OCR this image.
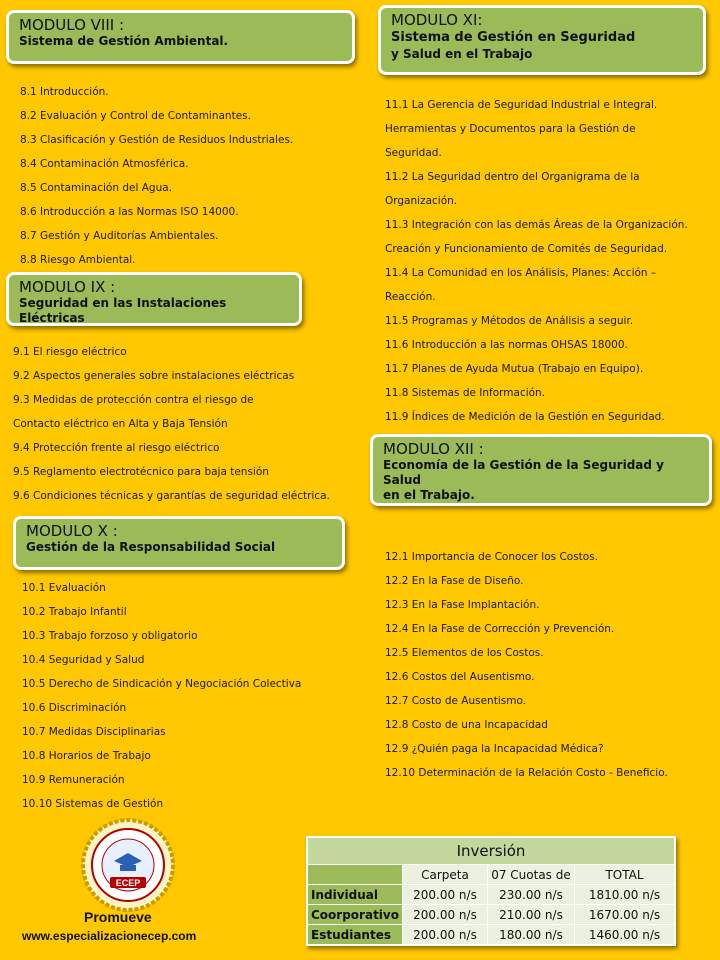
MODULO VIII :
Sistema de Gestión Ambiental.
8.1 Introducción.
8.2 Evaluación y Control de Contaminantes.
8.3 Clasificación y Gestión de Residuos Industriales.
8.4 Contaminación Atmosférica.
8.5 Contaminación del Agua.
8.6 Introducción a las Normas ISO 14000.
8.7 Gestión y Auditorías Ambientales.
8.8 Riesgo Ambiental.
MODULO IX :
Seguridad en las Instalaciones Eléctricas
9.1 El riesgo eléctrico
9.2 Aspectos generales sobre instalaciones eléctricas
9.3 Medidas de protección contra el riesgo de
Contacto eléctrico en Alta y Baja Tensión
9.4 Protección frente al riesgo eléctrico
9.5 Reglamento electrotécnico para baja tensión
9.6 Condiciones técnicas y garantías de seguridad eléctrica.
MODULO X :
Gestión de la Responsabilidad Social
10.1 Evaluación
10.2 Trabajo Infantil
10.3 Trabajo forzoso y obligatorio
10.4 Seguridad y Salud
10.5 Derecho de Sindicación y Negociación Colectiva
10.6 Discriminación
10.7 Medidas Disciplinarias
10.8 Horarios de Trabajo
10.9 Remuneración
10.10 Sistemas de Gestión
MODULO XI:
Sistema de Gestión en Seguridad
y Salud en el Trabajo
11.1 La Gerencia de Seguridad Industrial e Integral.
Herramientas y Documentos para la Gestión de
Seguridad.
11.2 La Seguridad dentro del Organigrama de la
Organización.
11.3 Integración con las demás Áreas de la Organización.
Creación y Funcionamiento de Comités de Seguridad.
11.4 La Comunidad en los Análisis, Planes: Acción –
Reacción.
11.5 Programas y Métodos de Análisis a seguir.
11.6 Introducción a las normas OHSAS 18000.
11.7 Planes de Ayuda Mutua (Trabajo en Equipo).
11.8 Sistemas de Información.
11.9 Índices de Medición de la Gestión en Seguridad.
MODULO XII :
Economía de la Gestión de la Seguridad y Salud
en el Trabajo.
12.1 Importancia de Conocer los Costos.
12.2 En la Fase de Diseño.
12.3 En la Fase Implantación.
12.4 En la Fase de Corrección y Prevención.
12.5 Elementos de los Costos.
12.6 Costos del Ausentismo.
12.7 Costo de Ausentismo.
12.8 Costo de una Incapacidad
12.9 ¿Quién paga la Incapacidad Médica?
12.10 Determinación de la Relación Costo - Beneficio.
ECEP
Promueve
www.especializacionecep.com
Inversión			
	Carpeta	07 Cuotas de	TOTAL
Individual	200.00 n/s	230.00 n/s	1810.00 n/s
Coorporativo	200.00 n/s	210.00 n/s	1670.00 n/s
Estudiantes	200.00 n/s	180.00 n/s	1460.00 n/s
